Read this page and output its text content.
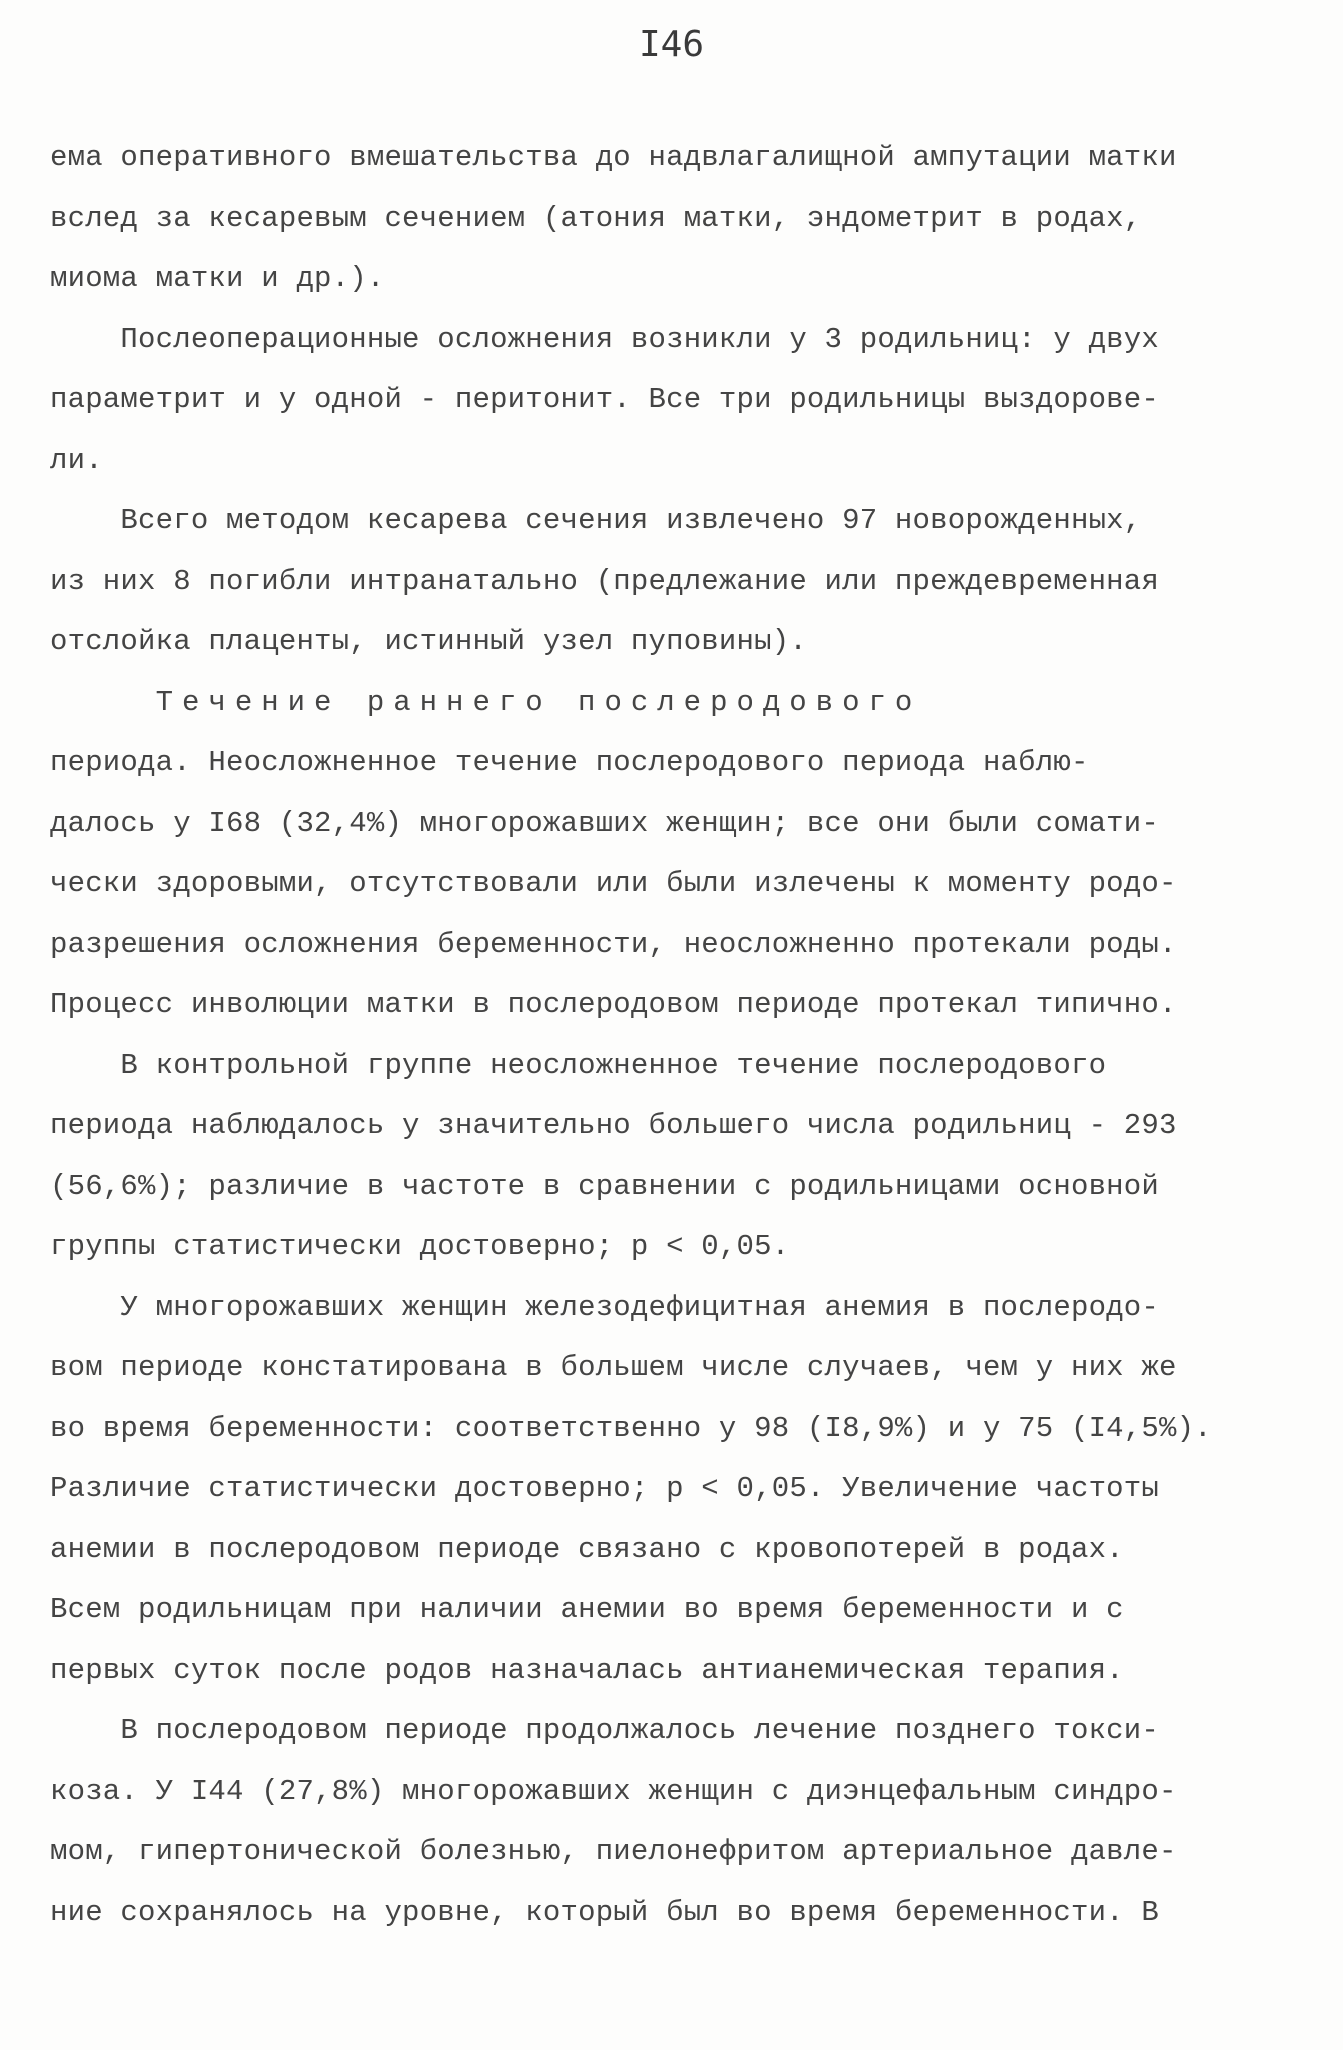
I46
ема оперативного вмешательства до надвлагалищной ампутации матки
вслед за кесаревым сечением (атония матки, эндометрит в родах,
миома матки и др.).
Послеоперационные осложнения возникли у 3 родильниц: у двух
параметрит и у одной - перитонит. Все три родильницы выздорове-
ли.
Всего методом кесарева сечения извлечено 97 новорожденных,
из них 8 погибли интранатально (предлежание или преждевременная
отслойка плаценты, истинный узел пуповины).
Течение раннего послеродового
периода. Неосложненное течение послеродового периода наблю-
далось у I68 (32,4%) многорожавших женщин; все они были сомати-
чески здоровыми, отсутствовали или были излечены к моменту родо-
разрешения осложнения беременности, неосложненно протекали роды.
Процесс инволюции матки в послеродовом периоде протекал типично.
В контрольной группе неосложненное течение послеродового
периода наблюдалось у значительно большего числа родильниц - 293
(56,6%); различие в частоте в сравнении с родильницами основной
группы статистически достоверно; p < 0,05.
У многорожавших женщин железодефицитная анемия в послеродо-
вом периоде констатирована в большем числе случаев, чем у них же
во время беременности: соответственно у 98 (I8,9%) и у 75 (I4,5%).
Различие статистически достоверно; p < 0,05. Увеличение частоты
анемии в послеродовом периоде связано с кровопотерей в родах.
Всем родильницам при наличии анемии во время беременности и с
первых суток после родов назначалась антианемическая терапия.
В послеродовом периоде продолжалось лечение позднего токси-
коза. У I44 (27,8%) многорожавших женщин с диэнцефальным синдро-
мом, гипертонической болезнью, пиелонефритом артериальное давле-
ние сохранялось на уровне, который был во время беременности. В
